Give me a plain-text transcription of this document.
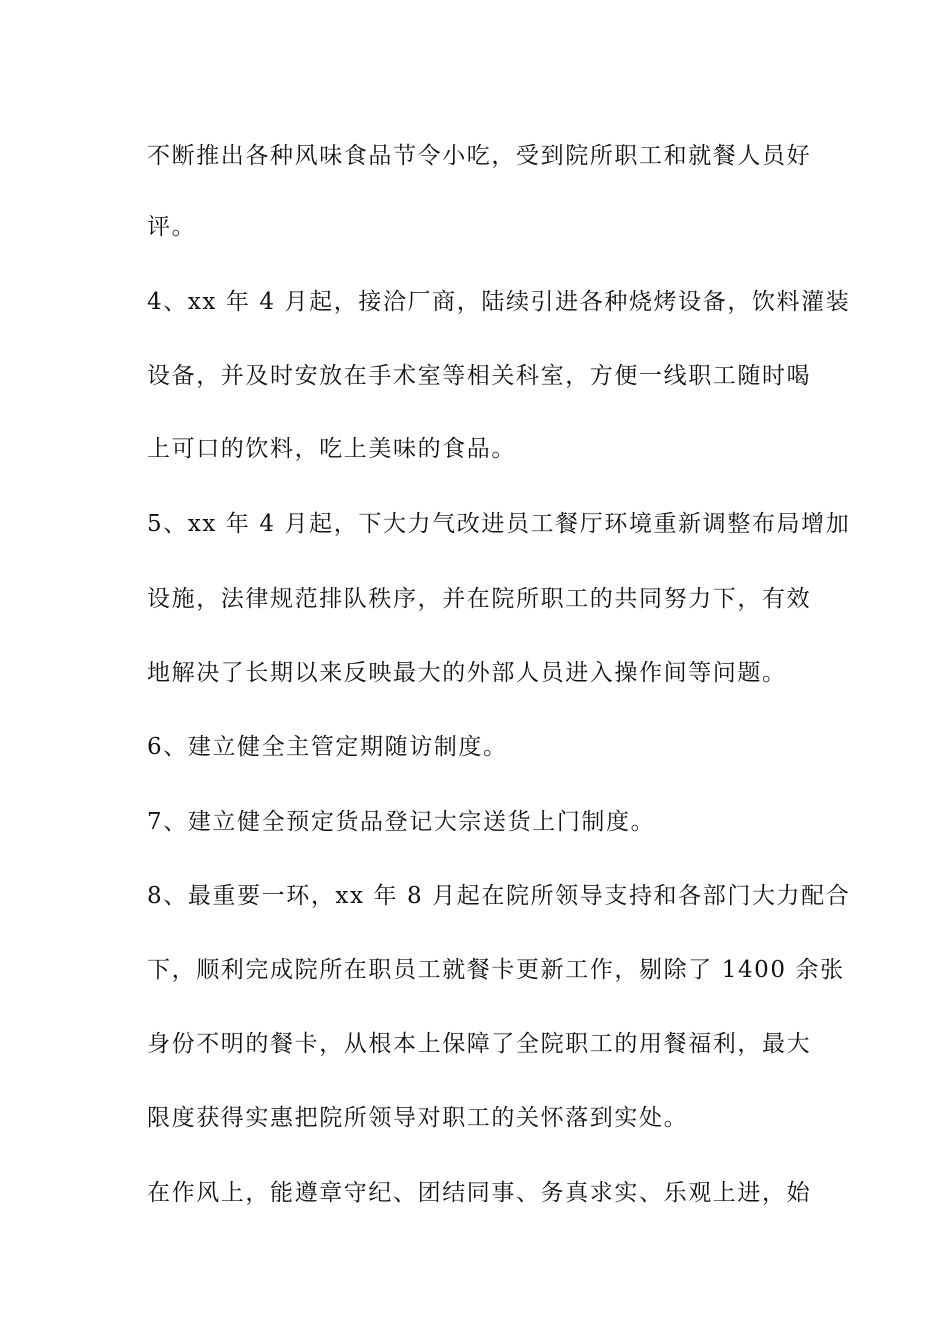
不断推出各种风味食品节令小吃，受到院所职工和就餐人员好
评。
4、xx 年 4 月起，接洽厂商，陆续引进各种烧烤设备，饮料灌装
设备，并及时安放在手术室等相关科室，方便一线职工随时喝
上可口的饮料，吃上美味的食品。
5、xx 年 4 月起，下大力气改进员工餐厅环境重新调整布局增加
设施，法律规范排队秩序，并在院所职工的共同努力下，有效
地解决了长期以来反映最大的外部人员进入操作间等问题。
6、建立健全主管定期随访制度。
7、建立健全预定货品登记大宗送货上门制度。
8、最重要一环，xx 年 8 月起在院所领导支持和各部门大力配合
下，顺利完成院所在职员工就餐卡更新工作，剔除了 1400 余张
身份不明的餐卡，从根本上保障了全院职工的用餐福利，最大
限度获得实惠把院所领导对职工的关怀落到实处。
在作风上，能遵章守纪、团结同事、务真求实、乐观上进，始
